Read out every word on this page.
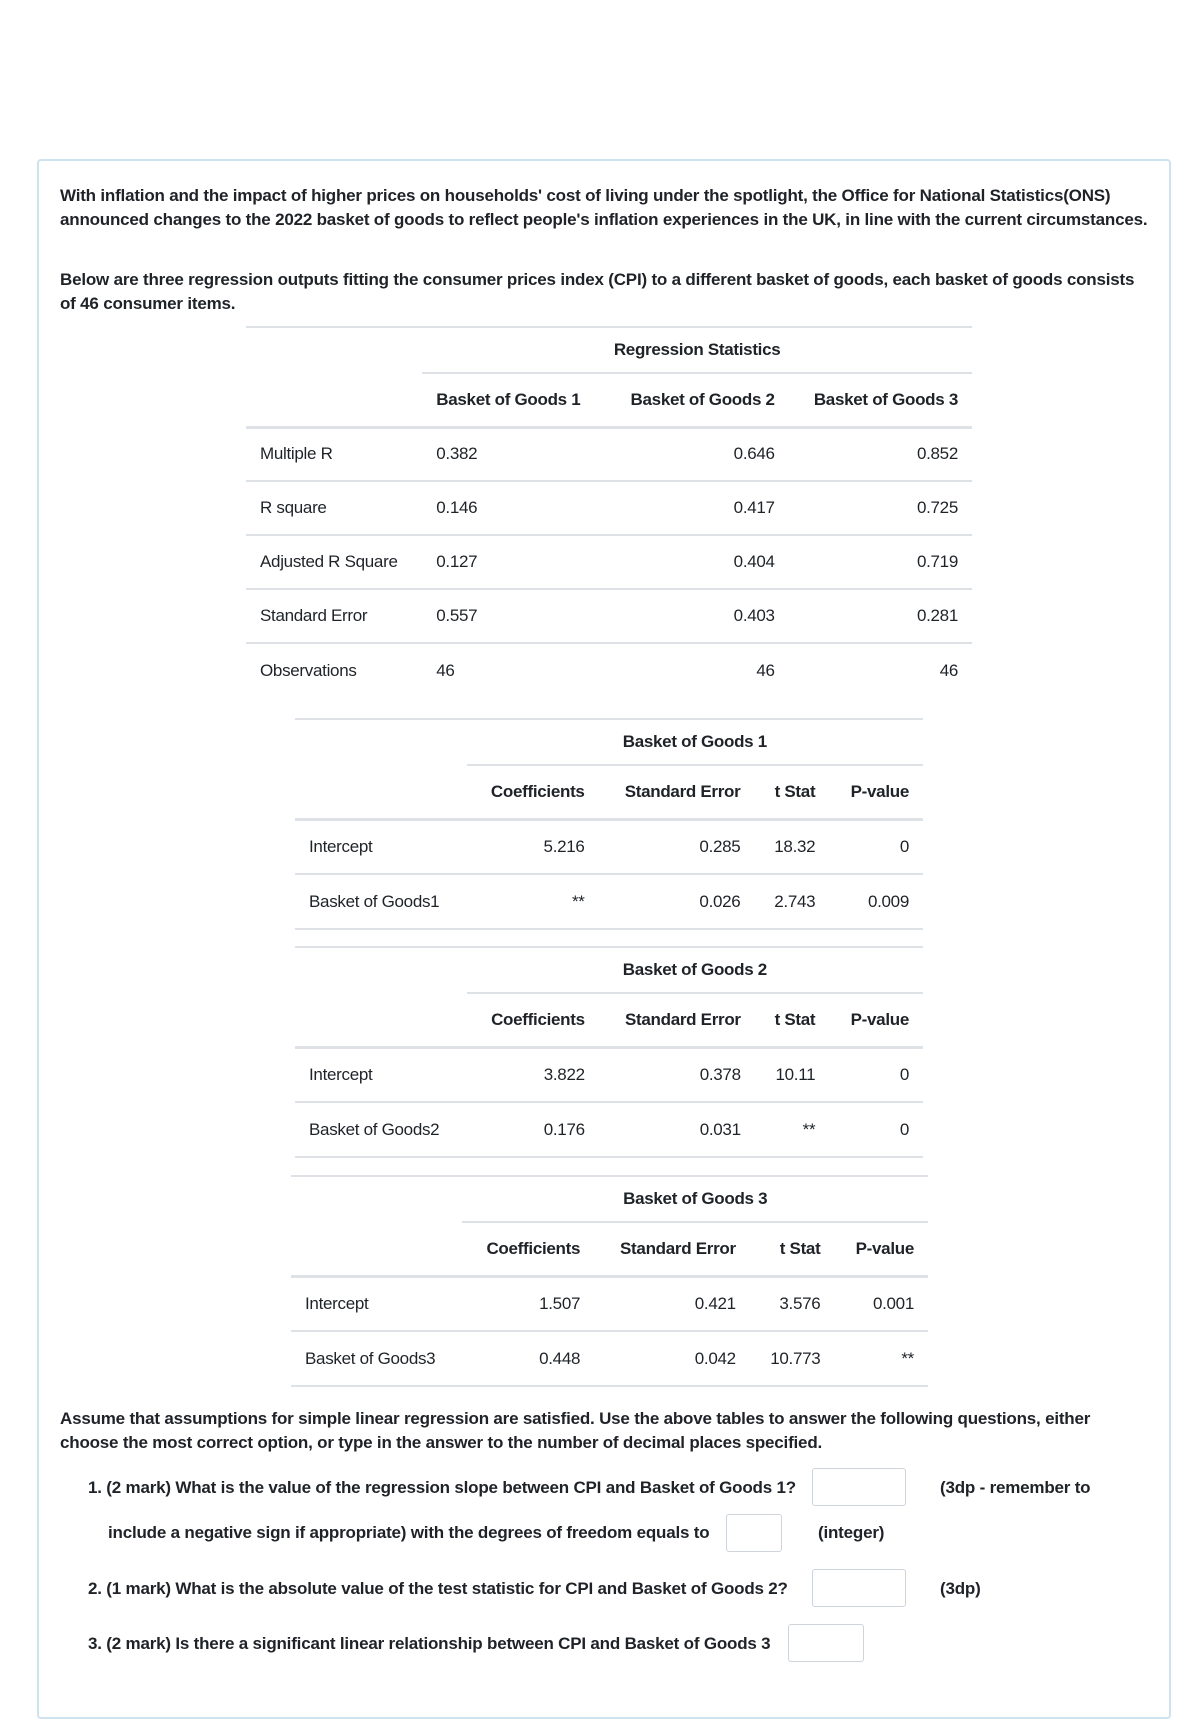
With inflation and the impact of higher prices on households' cost of living under the spotlight, the Office for National Statistics(ONS) announced changes to the 2022 basket of goods to reflect people's inflation experiences in the UK, in line with the current circumstances.
Below are three regression outputs fitting the consumer prices index (CPI) to a different basket of goods, each basket of goods consists of 46 consumer items.
	Regression Statistics		
	Basket of Goods 1	Basket of Goods 2	Basket of Goods 3
Multiple R	0.382	0.646	0.852
R square	0.146	0.417	0.725
Adjusted R Square	0.127	0.404	0.719
Standard Error	0.557	0.403	0.281
Observations	46	46	46
	Basket of Goods 1			
	Coefficients	Standard Error	t Stat	P-value
Intercept	5.216	0.285	18.32	0
Basket of Goods1	**	0.026	2.743	0.009
	Basket of Goods 2			
	Coefficients	Standard Error	t Stat	P-value
Intercept	3.822	0.378	10.11	0
Basket of Goods2	0.176	0.031	**	0
	Basket of Goods 3			
	Coefficients	Standard Error	t Stat	P-value
Intercept	1.507	0.421	3.576	0.001
Basket of Goods3	0.448	0.042	10.773	**
Assume that assumptions for simple linear regression are satisfied. Use the above tables to answer the following questions, either choose the most correct option, or type in the answer to the number of decimal places specified.
1. (2 mark) What is the value of the regression slope between CPI and Basket of Goods 1?	(3dp - remember to
include a negative sign if appropriate) with the degrees of freedom equals to	(integer)
2. (1 mark) What is the absolute value of the test statistic for CPI and Basket of Goods 2?	(3dp)
3. (2 mark) Is there a significant linear relationship between CPI and Basket of Goods 3
